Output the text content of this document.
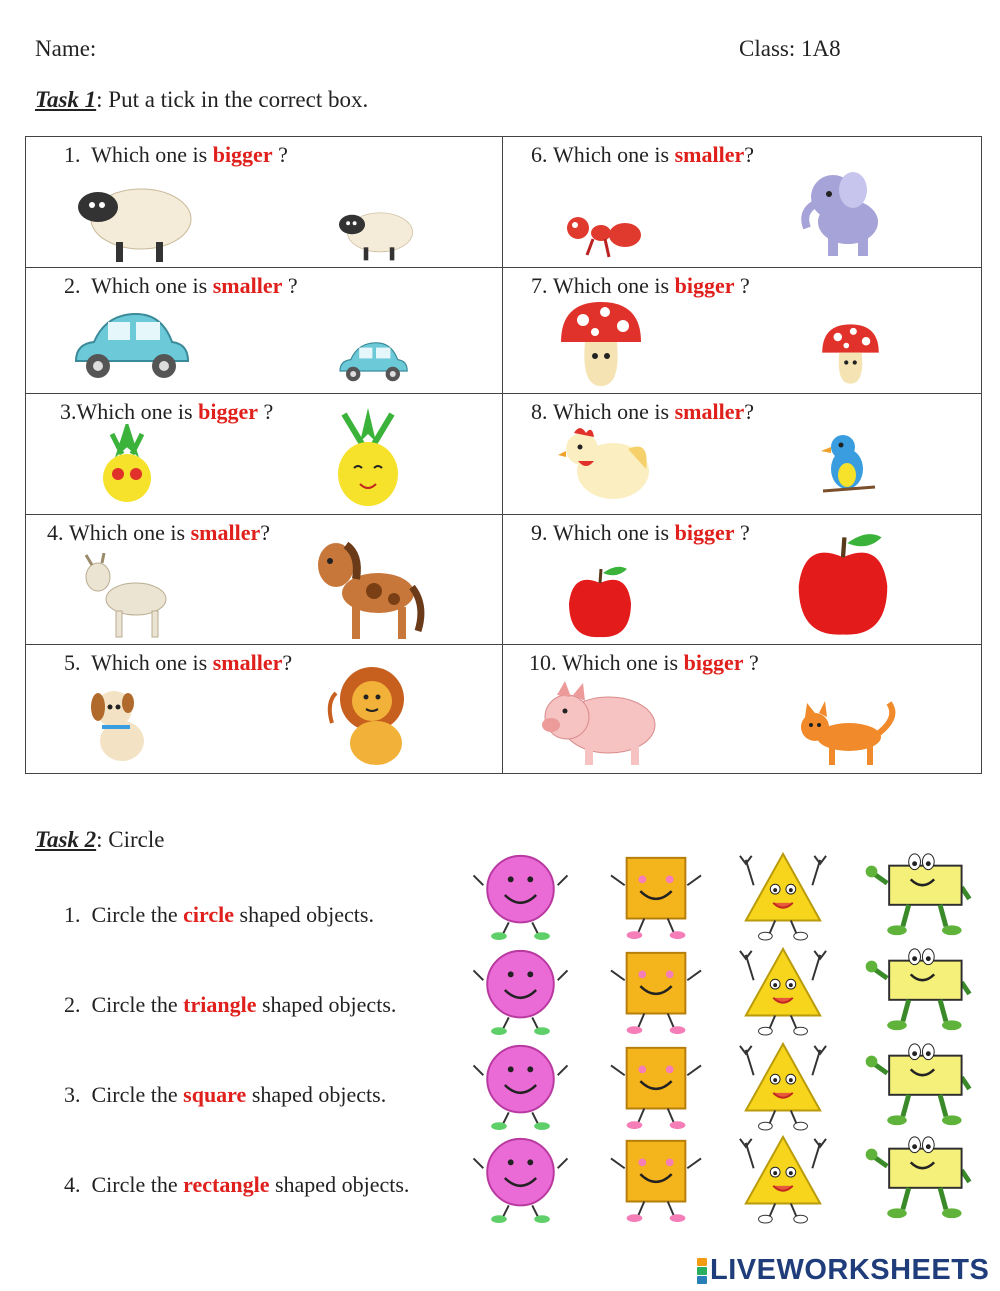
Name:	Class: 1A8
Task 1: Put a tick in the correct box.
1. Which one is bigger ?	6. Which one is smaller?

2. Which one is smaller ?	7. Which one is bigger ?

3.Which one is bigger ?	8. Which one is smaller?

4. Which one is smaller?	9. Which one is bigger ?

5. Which one is smaller?	10. Which one is bigger ?
Task 2: Circle
1. Circle the circle shaped objects.
2. Circle the triangle shaped objects.
3. Circle the square shaped objects.
4. Circle the rectangle shaped objects.
LIVEWORKSHEETS
